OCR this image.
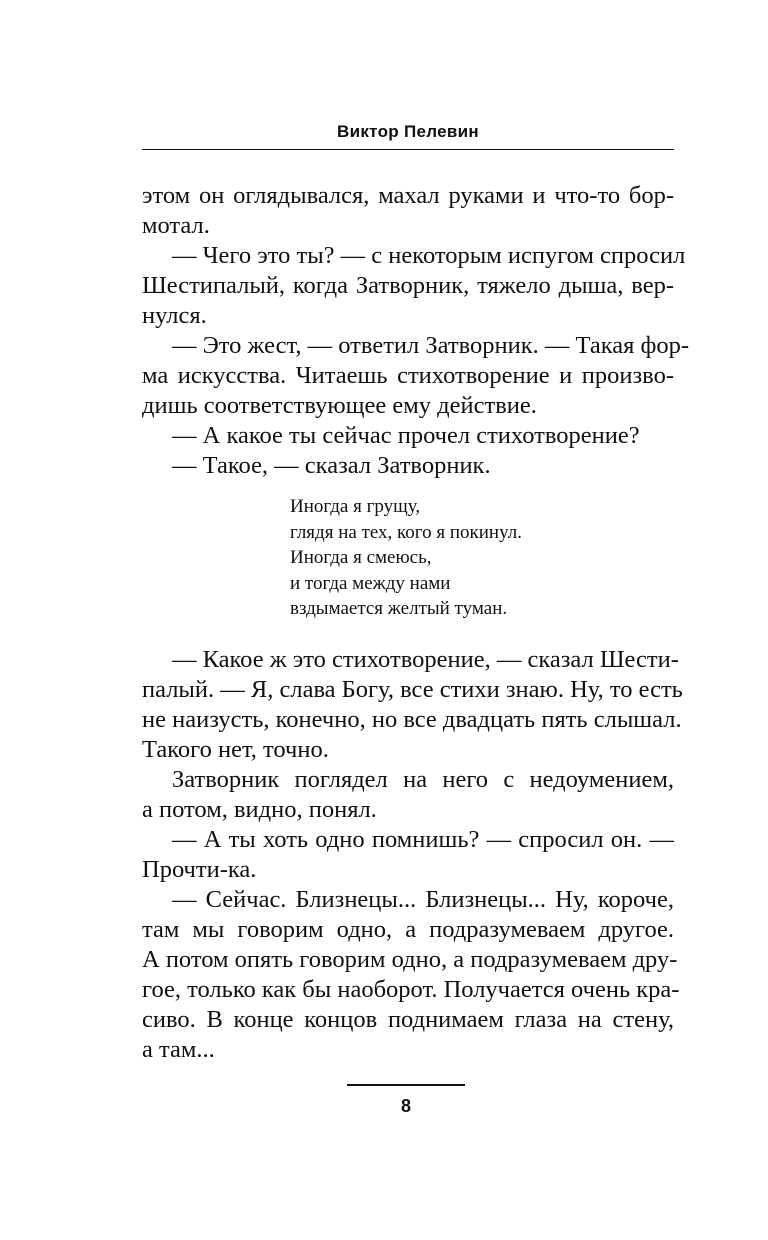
Виктор Пелевин
этом он оглядывался, махал руками и что-то бор-
мотал.
— Чего это ты? — с некоторым испугом спросил
Шестипалый, когда Затворник, тяжело дыша, вер-
нулся.
— Это жест, — ответил Затворник. — Такая фор-
ма искусства. Читаешь стихотворение и произво-
дишь соответствующее ему действие.
— А какое ты сейчас прочел стихотворение?
— Такое, — сказал Затворник.
Иногда я грущу,
глядя на тех, кого я покинул.
Иногда я смеюсь,
и тогда между нами
вздымается желтый туман.
— Какое ж это стихотворение, — сказал Шести-
палый. — Я, слава Богу, все стихи знаю. Ну, то есть
не наизусть, конечно, но все двадцать пять слышал.
Такого нет, точно.
Затворник поглядел на него с недоумением,
а потом, видно, понял.
— А ты хоть одно помнишь? — спросил он. —
Прочти-ка.
— Сейчас. Близнецы... Близнецы... Ну, короче,
там мы говорим одно, а подразумеваем другое.
А потом опять говорим одно, а подразумеваем дру-
гое, только как бы наоборот. Получается очень кра-
сиво. В конце концов поднимаем глаза на стену,
а там...
8
